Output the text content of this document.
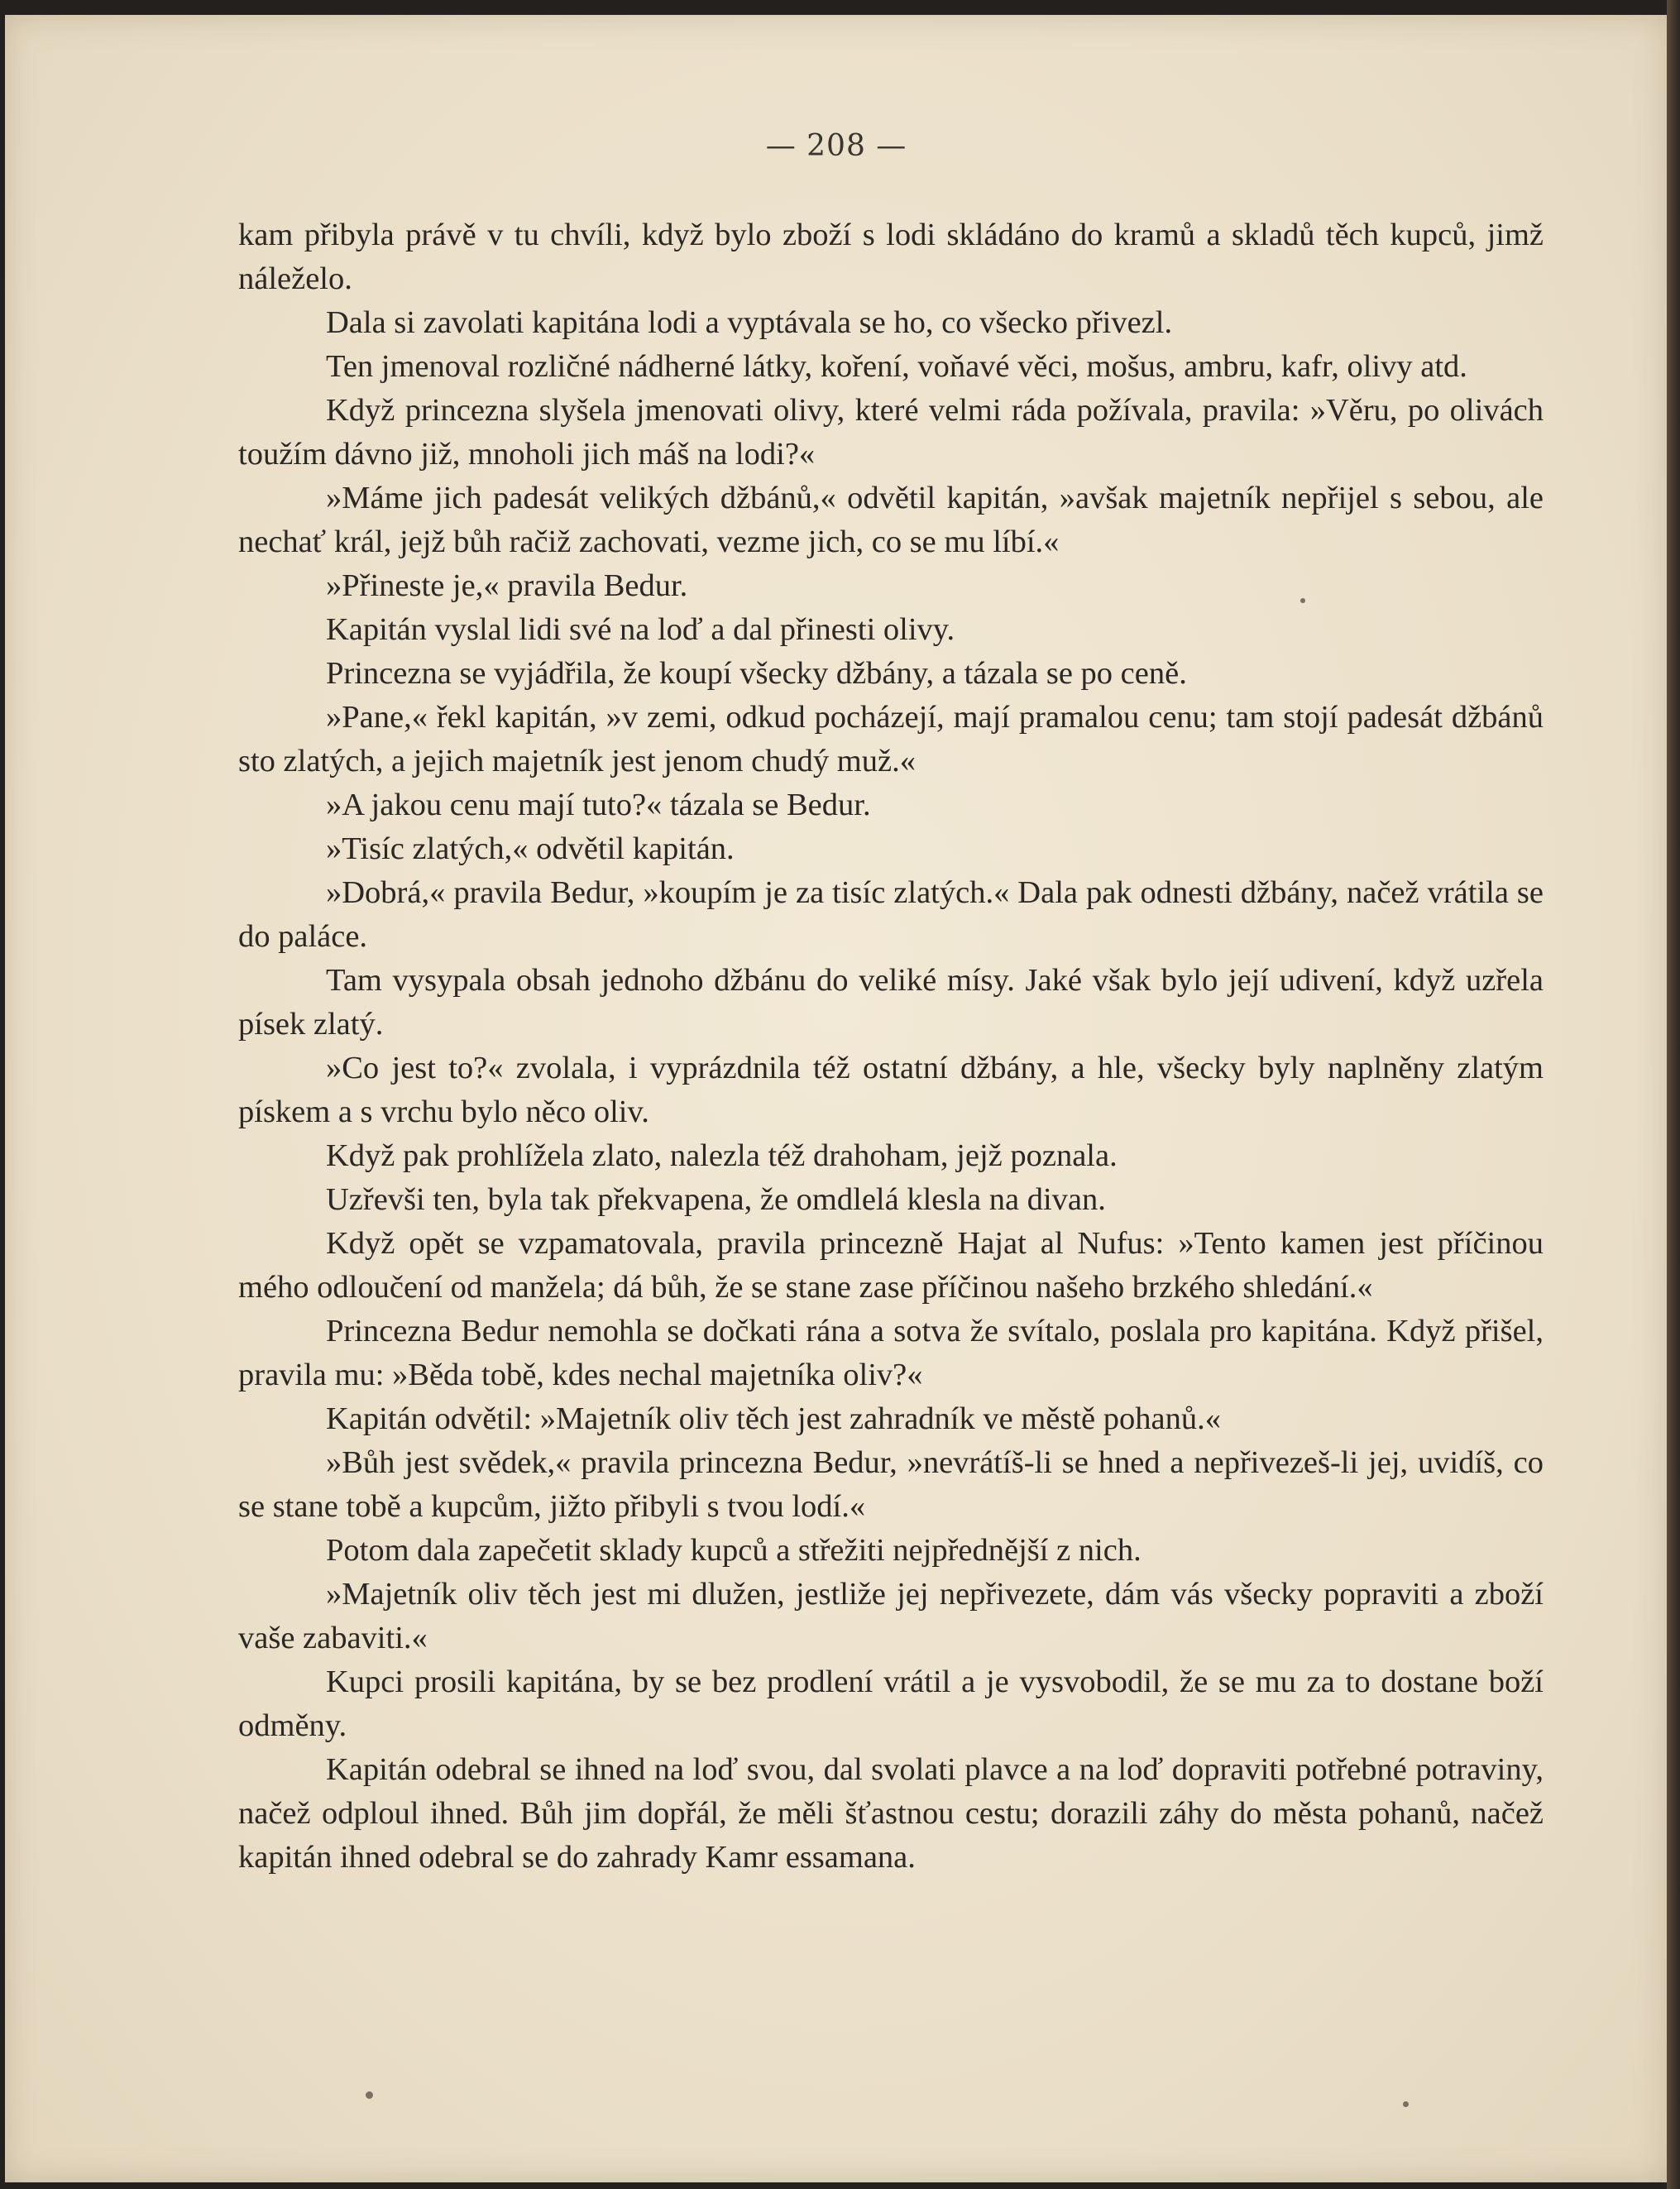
— 208 —

kam přibyla právě v tu chvíli, když bylo zboží s lodi skládáno do kramů a skladů těch kupců, jimž náleželo.

Dala si zavolati kapitána lodi a vyptávala se ho, co všecko přivezl.

Ten jmenoval rozličné nádherné látky, koření, voňavé věci, mošus, ambru, kafr, olivy atd.

Když princezna slyšela jmenovati olivy, které velmi ráda požívala, pravila: »Věru, po olivách toužím dávno již, mnoholi jich máš na lodi?«

»Máme jich padesát velikých džbánů,« odvětil kapitán, »avšak majetník nepřijel s sebou, ale nechať král, jejž bůh račiž zachovati, vezme jich, co se mu líbí.«

»Přineste je,« pravila Bedur.

Kapitán vyslal lidi své na loď a dal přinesti olivy.

Princezna se vyjádřila, že koupí všecky džbány, a tázala se po ceně.

»Pane,« řekl kapitán, »v zemi, odkud pocházejí, mají pramalou cenu; tam stojí padesát džbánů sto zlatých, a jejich majetník jest jenom chudý muž.«

»A jakou cenu mají tuto?« tázala se Bedur.

»Tisíc zlatých,« odvětil kapitán.

»Dobrá,« pravila Bedur, »koupím je za tisíc zlatých.« Dala pak odnesti džbány, načež vrátila se do paláce.

Tam vysypala obsah jednoho džbánu do veliké mísy. Jaké však bylo její udivení, když uzřela písek zlatý.

»Co jest to?« zvolala, i vyprázdnila též ostatní džbány, a hle, všecky byly naplněny zlatým pískem a s vrchu bylo něco oliv.

Když pak prohlížela zlato, nalezla též drahoham, jejž poznala.

Uzřevši ten, byla tak překvapena, že omdlelá klesla na divan.

Když opět se vzpamatovala, pravila princezně Hajat al Nufus: »Tento kamen jest příčinou mého odloučení od manžela; dá bůh, že se stane zase příčinou našeho brzkého shledání.«

Princezna Bedur nemohla se dočkati rána a sotva že svítalo, poslala pro kapitána. Když přišel, pravila mu: »Běda tobě, kdes nechal majetníka oliv?«

Kapitán odvětil: »Majetník oliv těch jest zahradník ve městě pohanů.«

»Bůh jest svědek,« pravila princezna Bedur, »nevrátíš-li se hned a nepřivezeš-li jej, uvidíš, co se stane tobě a kupcům, jižto přibyli s tvou lodí.«

Potom dala zapečetit sklady kupců a střežiti nejpřednější z nich.

»Majetník oliv těch jest mi dlužen, jestliže jej nepřivezete, dám vás všecky popraviti a zboží vaše zabaviti.«

Kupci prosili kapitána, by se bez prodlení vrátil a je vysvobodil, že se mu za to dostane boží odměny.

Kapitán odebral se ihned na loď svou, dal svolati plavce a na loď dopraviti potřebné potraviny, načež odploul ihned. Bůh jim dopřál, že měli šťastnou cestu; dorazili záhy do města pohanů, načež kapitán ihned odebral se do zahrady Kamr essamana.
